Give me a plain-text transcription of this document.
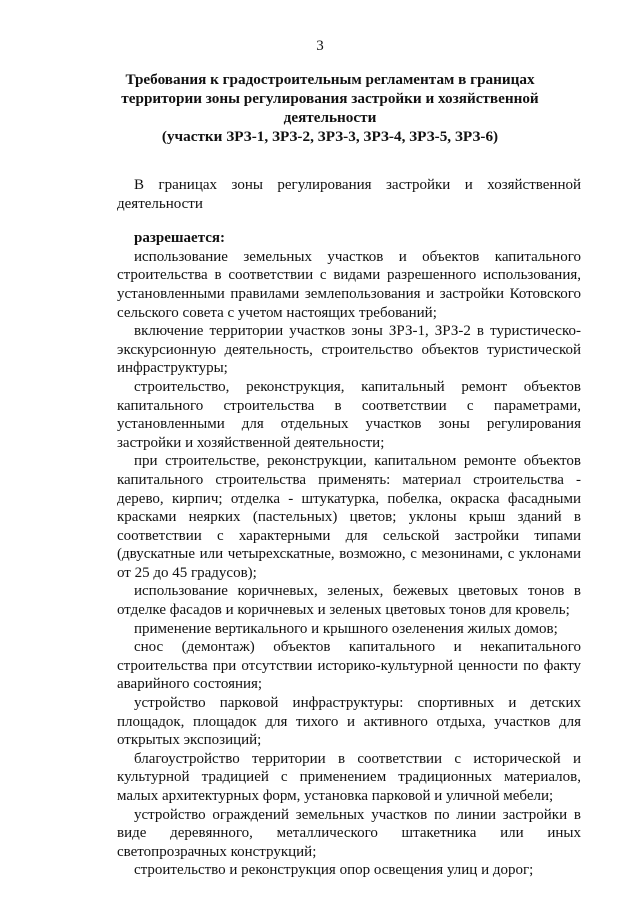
3
Требования к градостроительным регламентам в границах
территории зоны регулирования застройки и хозяйственной
деятельности
(участки ЗРЗ-1, ЗРЗ-2, ЗРЗ-3, ЗРЗ-4, ЗРЗ-5, ЗРЗ-6)

В границах зоны регулирования застройки и хозяйственной деятельности

разрешается:

использование земельных участков и объектов капитального строительства в соответствии с видами разрешенного использования, установленными правилами землепользования и застройки Котовского сельского совета с учетом настоящих требований;

включение территории участков зоны ЗРЗ-1, ЗРЗ-2 в туристическо-экскурсионную деятельность, строительство объектов туристической инфраструктуры;

строительство, реконструкция, капитальный ремонт объектов капитального строительства в соответствии с параметрами, установленными для отдельных участков зоны регулирования застройки и хозяйственной деятельности;

при строительстве, реконструкции, капитальном ремонте объектов капитального строительства применять: материал строительства - дерево, кирпич; отделка - штукатурка, побелка, окраска фасадными красками неярких (пастельных) цветов; уклоны крыш зданий в соответствии с характерными для сельской застройки типами (двускатные или четырехскатные, возможно, с мезонинами, с уклонами от 25 до 45 градусов);

использование коричневых, зеленых, бежевых цветовых тонов в отделке фасадов и коричневых и зеленых цветовых тонов для кровель;

применение вертикального и крышного озеленения жилых домов;

снос (демонтаж) объектов капитального и некапитального строительства при отсутствии историко-культурной ценности по факту аварийного состояния;

устройство парковой инфраструктуры: спортивных и детских площадок, площадок для тихого и активного отдыха, участков для открытых экспозиций;

благоустройство территории в соответствии с исторической и культурной традицией с применением традиционных материалов, малых архитектурных форм, установка парковой и уличной мебели;

устройство ограждений земельных участков по линии застройки в виде деревянного, металлического штакетника или иных светопрозрачных конструкций;

строительство и реконструкция опор освещения улиц и дорог;
